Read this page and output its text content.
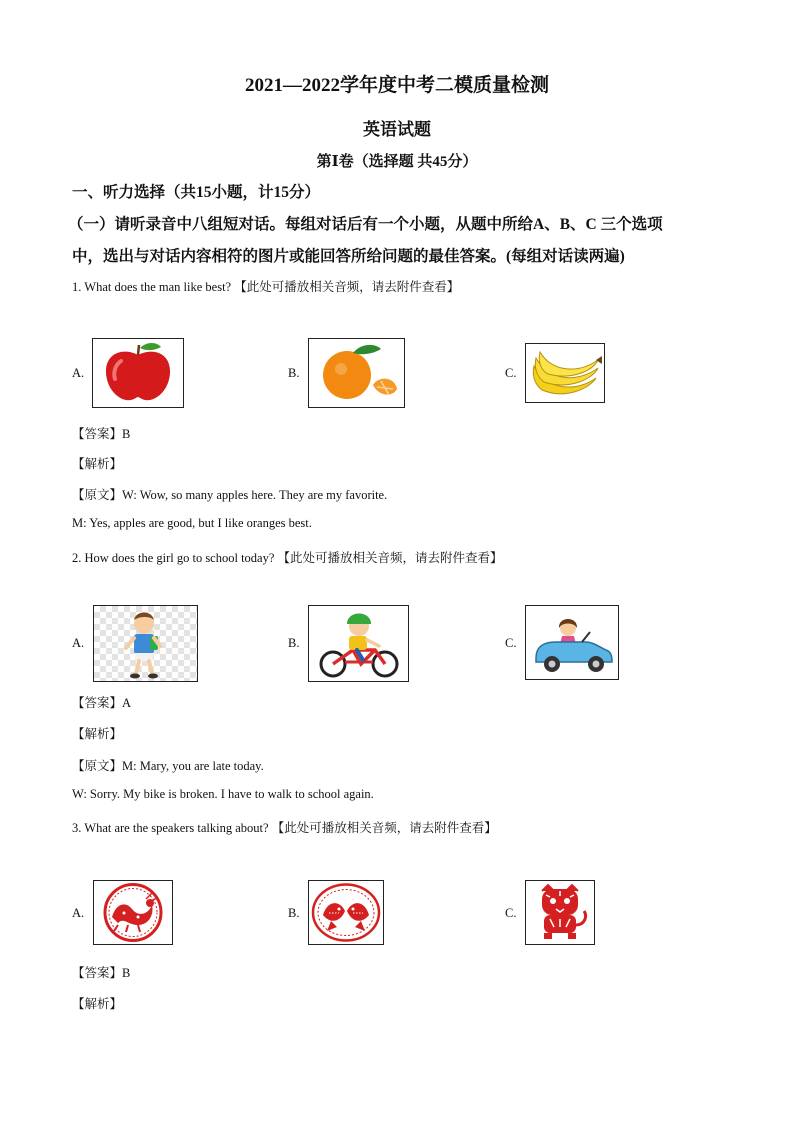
2021—2022学年度中考二模质量检测
英语试题
第Ⅰ卷（选择题 共45分）
一、听力选择（共15小题，计15分）
（一）请听录音中八组短对话。每组对话后有一个小题，从题中所给A、B、C 三个选项
中，选出与对话内容相符的图片或能回答所给问题的最佳答案。(每组对话读两遍)
1. What does the man like best? 【此处可播放相关音频，请去附件查看】
A.	B.	C.
【答案】B
【解析】
【原文】W: Wow, so many apples here. They are my favorite.
M: Yes, apples are good, but I like oranges best.
2. How does the girl go to school today? 【此处可播放相关音频，请去附件查看】
A.	B.	C.
【答案】A
【解析】
【原文】M: Mary, you are late today.
W: Sorry. My bike is broken. I have to walk to school again.
3. What are the speakers talking about? 【此处可播放相关音频，请去附件查看】
A.	B.	C.
【答案】B
【解析】
